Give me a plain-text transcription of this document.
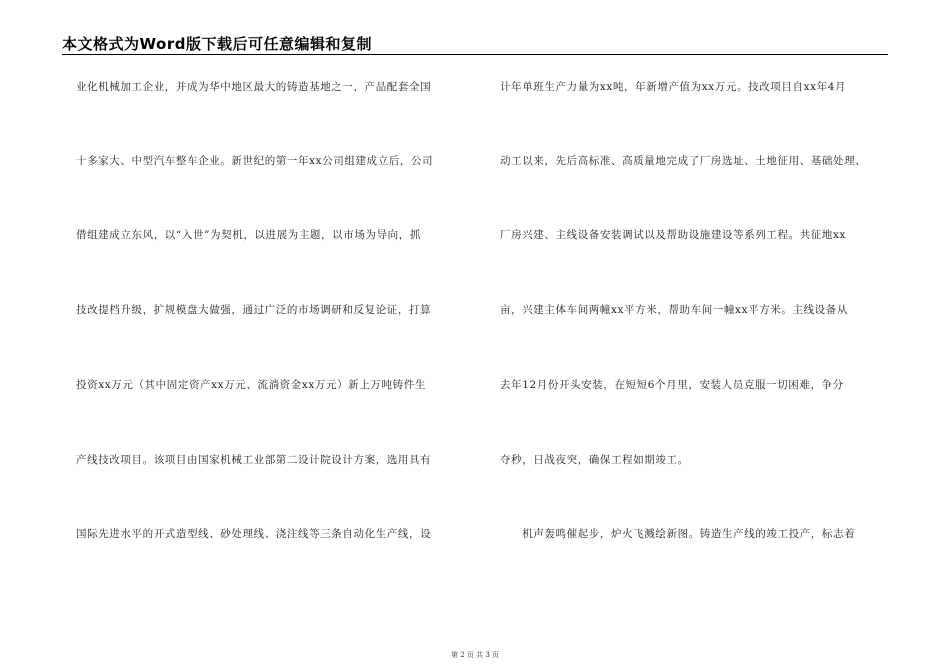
本文格式为Word版下载后可任意编辑和复制
业化机械加工企业，并成为华中地区最大的铸造基地之一，产品配套全国
十多家大、中型汽车整车企业。新世纪的第一年xx公司组建成立后，公司
借组建成立东风，以“入世”为契机，以进展为主题，以市场为导向，抓
技改提档升级，扩规模盘大做强，通过广泛的市场调研和反复论证，打算
投资xx万元（其中固定资产xx万元、流淌资金xx万元）新上万吨铸件生
产线技改项目。该项目由国家机械工业部第二设计院设计方案，选用具有
国际先进水平的开式造型线、砂处理线、浇注线等三条自动化生产线，设
计年单班生产力量为xx吨，年新增产值为xx万元。技改项目自xx年4月
动工以来，先后高标准、高质量地完成了厂房选址、土地征用、基础处理、
厂房兴建、主线设备安装调试以及帮助设施建设等系列工程。共征地xx
亩，兴建主体车间两幢xx平方米，帮助车间一幢xx平方米。主线设备从
去年12月份开头安装，在短短6个月里，安装人员克服一切困难，争分
夺秒，日战夜突，确保工程如期竣工。
　　机声轰鸣催起步，炉火飞溅绘新图。铸造生产线的竣工投产，标志着
第 2 页 共 3 页
